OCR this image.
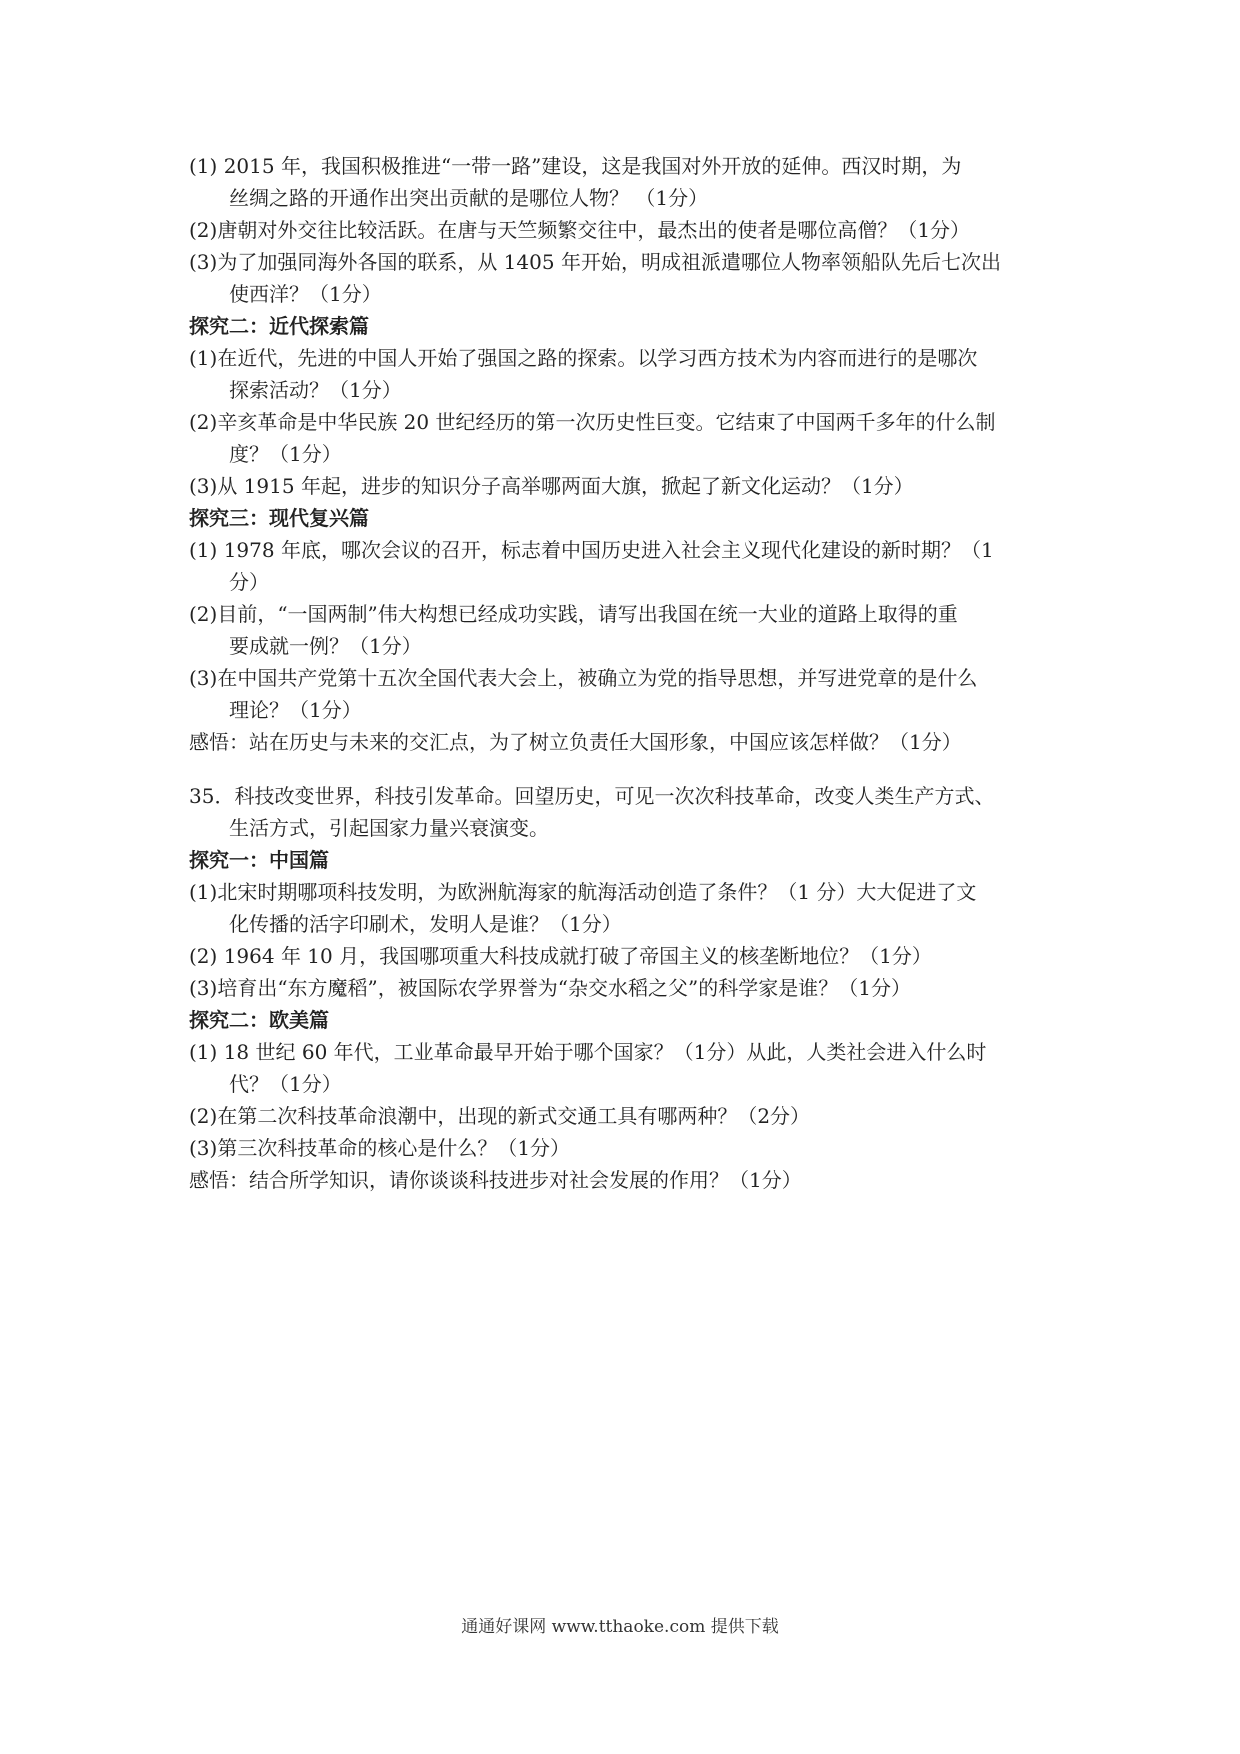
(1) 2015 年，我国积极推进“一带一路”建设，这是我国对外开放的延伸。西汉时期，为

丝绸之路的开通作出突出贡献的是哪位人物？ （1分）

(2)唐朝对外交往比较活跃。在唐与天竺频繁交往中，最杰出的使者是哪位高僧？（1分）

(3)为了加强同海外各国的联系，从 1405 年开始，明成祖派遣哪位人物率领船队先后七次出

使西洋？（1分）

探究二：近代探索篇

(1)在近代，先进的中国人开始了强国之路的探索。以学习西方技术为内容而进行的是哪次

探索活动？（1分）

(2)辛亥革命是中华民族 20 世纪经历的第一次历史性巨变。它结束了中国两千多年的什么制

度？（1分）

(3)从 1915 年起，进步的知识分子高举哪两面大旗，掀起了新文化运动？（1分）

探究三：现代复兴篇

(1) 1978 年底，哪次会议的召开，标志着中国历史进入社会主义现代化建设的新时期？（1

分）

(2)目前，“一国两制”伟大构想已经成功实践，请写出我国在统一大业的道路上取得的重

要成就一例？（1分）

(3)在中国共产党第十五次全国代表大会上，被确立为党的指导思想，并写进党章的是什么

理论？（1分）

感悟：站在历史与未来的交汇点，为了树立负责任大国形象，中国应该怎样做？（1分）

35．科技改变世界，科技引发革命。回望历史，可见一次次科技革命，改变人类生产方式、

生活方式，引起国家力量兴衰演变。

探究一：中国篇

(1)北宋时期哪项科技发明，为欧洲航海家的航海活动创造了条件？（1 分）大大促进了文

化传播的活字印刷术，发明人是谁？（1分）

(2) 1964 年 10 月，我国哪项重大科技成就打破了帝国主义的核垄断地位？（1分）

(3)培育出“东方魔稻”，被国际农学界誉为“杂交水稻之父”的科学家是谁？（1分）

探究二：欧美篇

(1) 18 世纪 60 年代，工业革命最早开始于哪个国家？（1分）从此，人类社会进入什么时

代？（1分）

(2)在第二次科技革命浪潮中，出现的新式交通工具有哪两种？（2分）

(3)第三次科技革命的核心是什么？（1分）

感悟：结合所学知识，请你谈谈科技进步对社会发展的作用？（1分）

通通好课网 www.tthaoke.com 提供下载
